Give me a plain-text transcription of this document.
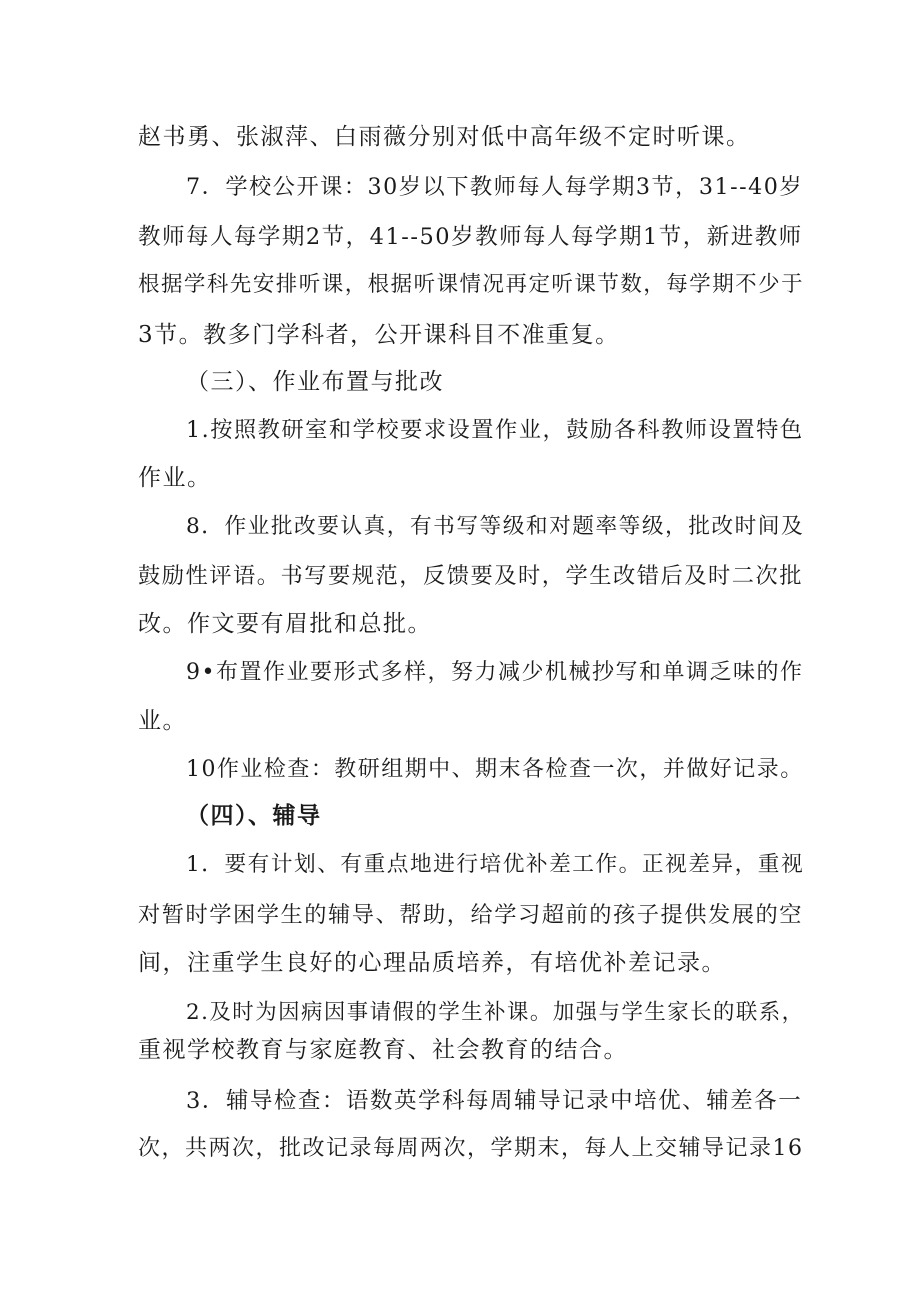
赵书勇、张淑萍、白雨薇分别对低中高年级不定时听课。
7．学校公开课：30岁以下教师每人每学期3节，31--40岁
教师每人每学期2节，41--50岁教师每人每学期1节，新进教师
根据学科先安排听课，根据听课情况再定听课节数，每学期不少于
3节。教多门学科者，公开课科目不准重复。
（三）、作业布置与批改
1.按照教研室和学校要求设置作业，鼓励各科教师设置特色
作业。
8．作业批改要认真，有书写等级和对题率等级，批改时间及
鼓励性评语。书写要规范，反馈要及时，学生改错后及时二次批
改。作文要有眉批和总批。
9•布置作业要形式多样，努力减少机械抄写和单调乏味的作
业。
10作业检查：教研组期中、期末各检查一次，并做好记录。
（四）、辅导
1．要有计划、有重点地进行培优补差工作。正视差异，重视
对暂时学困学生的辅导、帮助，给学习超前的孩子提供发展的空
间，注重学生良好的心理品质培养，有培优补差记录。
2.及时为因病因事请假的学生补课。加强与学生家长的联系，
重视学校教育与家庭教育、社会教育的结合。
3．辅导检查：语数英学科每周辅导记录中培优、辅差各一
次，共两次，批改记录每周两次，学期末，每人上交辅导记录16
